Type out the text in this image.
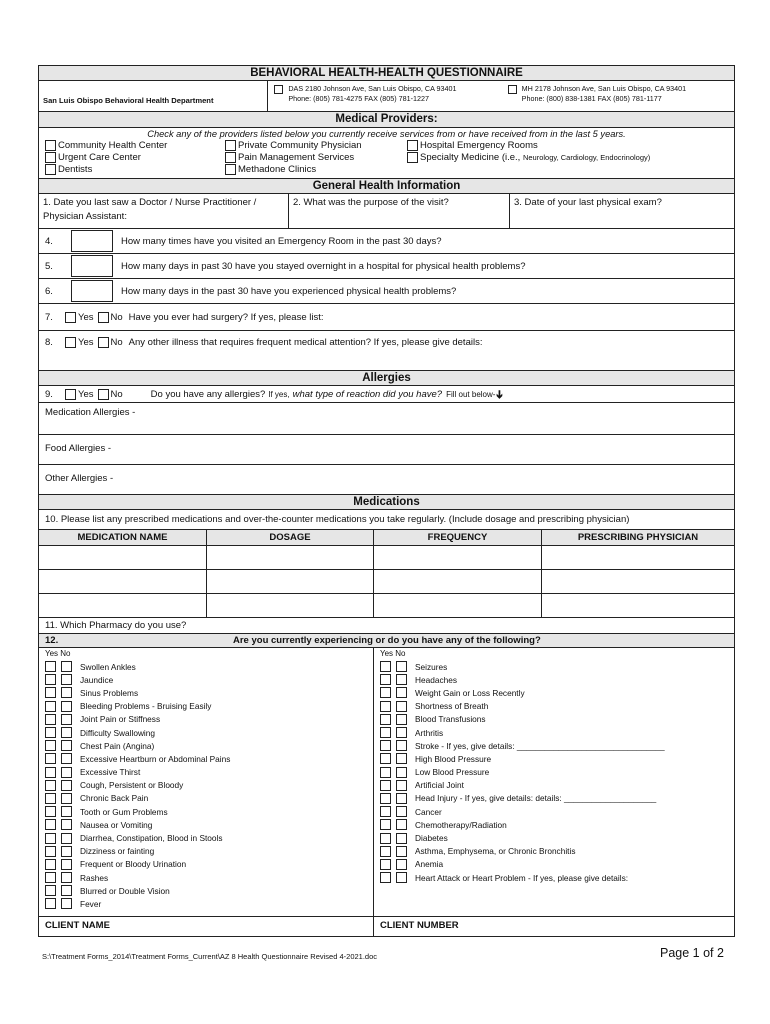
BEHAVIORAL HEALTH-HEALTH QUESTIONNAIRE
San Luis Obispo Behavioral Health Department
DAS 2180 Johnson Ave, San Luis Obispo, CA 93401
Phone: (805) 781-4275 FAX (805) 781-1227
MH 2178 Johnson Ave, San Luis Obispo, CA 93401
Phone: (800) 838-1381 FAX (805) 781-1177
Medical Providers:
Check any of the providers listed below you currently receive services from or have received from in the last 5 years.
Community Health Center
Urgent Care Center
Dentists
Private Community Physician
Pain Management Services
Methadone Clinics
Hospital Emergency Rooms
Specialty Medicine (i.e., Neurology, Cardiology, Endocrinology)
General Health Information
1. Date you last saw a Doctor / Nurse Practitioner / Physician Assistant:
2. What was the purpose of the visit?	3. Date of your last physical exam?
4.	How many times have you visited an Emergency Room in the past 30 days?
5.	How many days in past 30 have you stayed overnight in a hospital for physical health problems?
6.	How many days in the past 30 have you experienced physical health problems?
7.	Yes No Have you ever had surgery? If yes, please list:
8.	Yes No Any other illness that requires frequent medical attention? If yes, please give details:
Allergies
9.	Yes No	Do you have any allergies? If yes, what type of reaction did you have? Fill out below-
➔
Medication Allergies -
Food Allergies -
Other Allergies -
Medications
10. Please list any prescribed medications and over-the-counter medications you take regularly. (Include dosage and prescribing physician)
MEDICATION NAME	DOSAGE	FREQUENCY	PRESCRIBING PHYSICIAN
11. Which Pharmacy do you use?
12.	Are you currently experiencing or do you have any of the following?
Yes No
Swollen Ankles
Jaundice
Sinus Problems
Bleeding Problems - Bruising Easily
Joint Pain or Stiffness
Difficulty Swallowing
Chest Pain (Angina)
Excessive Heartburn or Abdominal Pains
Excessive Thirst
Cough, Persistent or Bloody
Chronic Back Pain
Tooth or Gum Problems
Nausea or Vomiting
Diarrhea, Constipation, Blood in Stools
Dizziness or fainting
Frequent or Bloody Urination
Rashes
Blurred or Double Vision
Fever
Yes No
Seizures
Headaches
Weight Gain or Loss Recently
Shortness of Breath
Blood Transfusions
Arthritis
Stroke - If yes, give details: ________________________________
High Blood Pressure
Low Blood Pressure
Artificial Joint
Head Injury - If yes, give details: details: ____________________
Cancer
Chemotherapy/Radiation
Diabetes
Asthma, Emphysema, or Chronic Bronchitis
Anemia
Heart Attack or Heart Problem - If yes, please give details:
CLIENT NAME	CLIENT NUMBER
S:\Treatment Forms_2014\Treatment Forms_Current\AZ 8 Health Questionnaire Revised 4-2021.doc	Page 1 of 2
